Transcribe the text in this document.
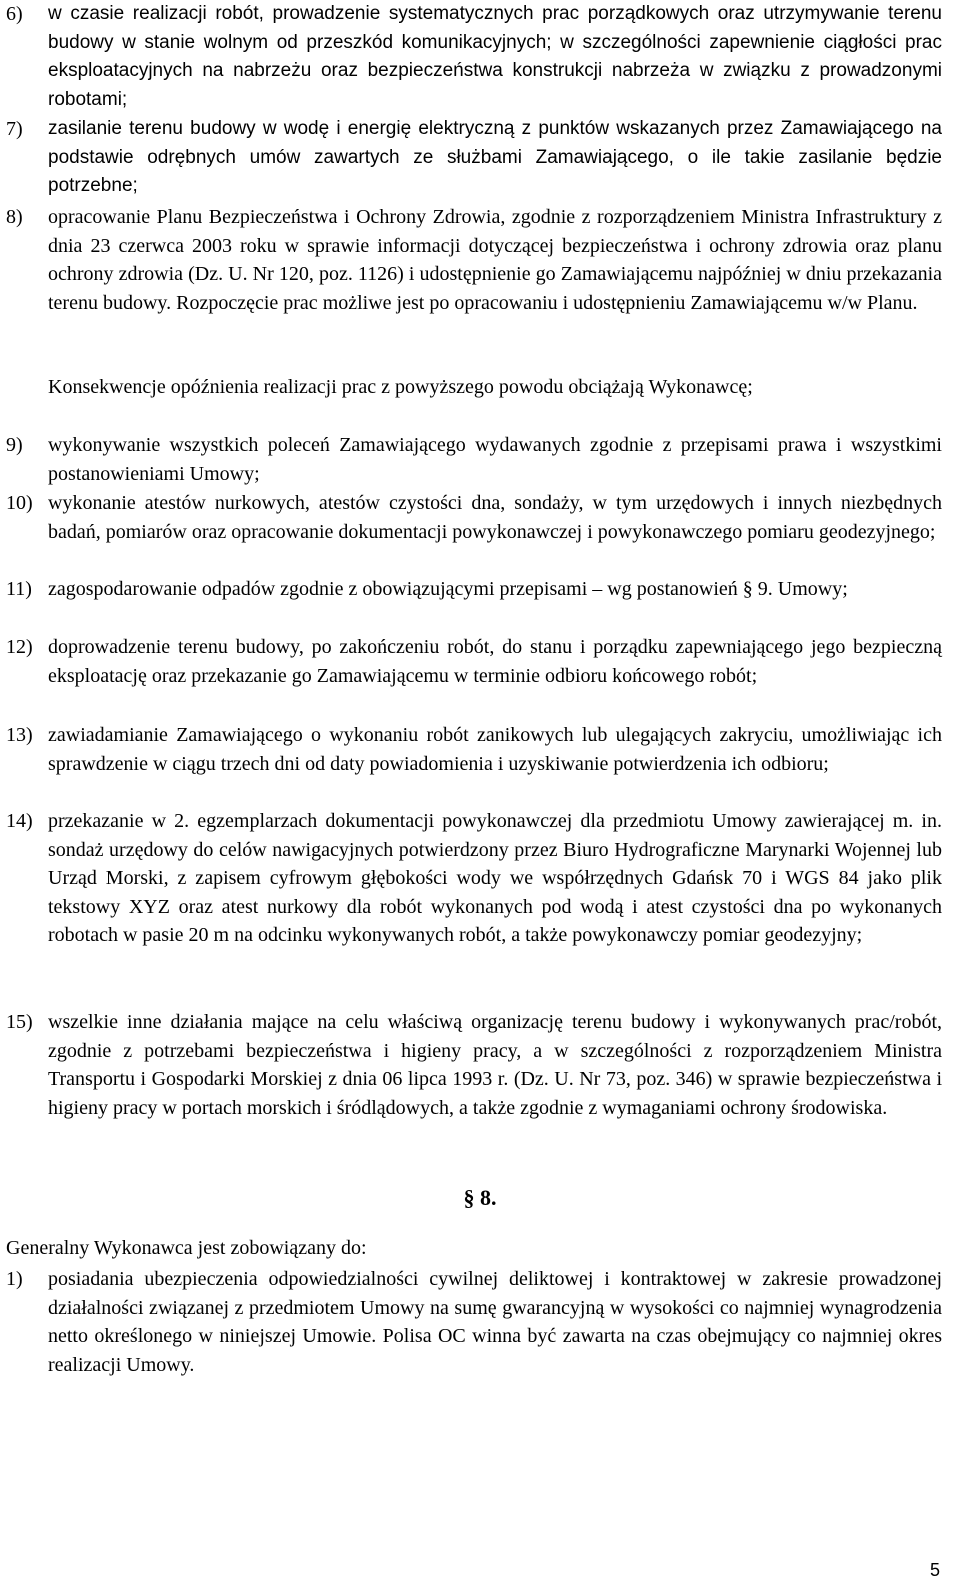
6) w czasie realizacji robót, prowadzenie systematycznych prac porządkowych oraz utrzymywanie terenu budowy w stanie wolnym od przeszkód komunikacyjnych; w szczególności zapewnienie ciągłości prac eksploatacyjnych na nabrzeżu oraz bezpieczeństwa konstrukcji nabrzeża w związku z prowadzonymi robotami;
7) zasilanie terenu budowy w wodę i energię elektryczną z punktów wskazanych przez Zamawiającego na podstawie odrębnych umów zawartych ze służbami Zamawiającego, o ile takie zasilanie będzie potrzebne;
8) opracowanie Planu Bezpieczeństwa i Ochrony Zdrowia, zgodnie z rozporządzeniem Ministra Infrastruktury z dnia 23 czerwca 2003 roku w sprawie informacji dotyczącej bezpieczeństwa i ochrony zdrowia oraz planu ochrony zdrowia (Dz. U. Nr 120, poz. 1126) i udostępnienie go Zamawiającemu najpóźniej w dniu przekazania terenu budowy. Rozpoczęcie prac możliwe jest po opracowaniu i udostępnieniu Zamawiającemu w/w Planu.
Konsekwencje opóźnienia realizacji prac z powyższego powodu obciążają Wykonawcę;
9) wykonywanie wszystkich poleceń Zamawiającego wydawanych zgodnie z przepisami prawa i wszystkimi postanowieniami Umowy;
10) wykonanie atestów nurkowych, atestów czystości dna, sondaży, w tym urzędowych i innych niezbędnych badań, pomiarów oraz opracowanie dokumentacji powykonawczej i powykonawczego pomiaru geodezyjnego;
11) zagospodarowanie odpadów zgodnie z obowiązującymi przepisami – wg postanowień § 9. Umowy;
12) doprowadzenie terenu budowy, po zakończeniu robót, do stanu i porządku zapewniającego jego bezpieczną eksploatację oraz przekazanie go Zamawiającemu w terminie odbioru końcowego robót;
13) zawiadamianie Zamawiającego o wykonaniu robót zanikowych lub ulegających zakryciu, umożliwiając ich sprawdzenie w ciągu trzech dni od daty powiadomienia i uzyskiwanie potwierdzenia ich odbioru;
14) przekazanie w 2. egzemplarzach dokumentacji powykonawczej dla przedmiotu Umowy zawierającej m. in. sondaż urzędowy do celów nawigacyjnych potwierdzony przez Biuro Hydrograficzne Marynarki Wojennej lub Urząd Morski, z zapisem cyfrowym głębokości wody we współrzędnych Gdańsk 70 i WGS 84 jako plik tekstowy XYZ oraz atest nurkowy dla robót wykonanych pod wodą i atest czystości dna po wykonanych robotach w pasie 20 m na odcinku wykonywanych robót, a także powykonawczy pomiar geodezyjny;
15) wszelkie inne działania mające na celu właściwą organizację terenu budowy i wykonywanych prac/robót, zgodnie z potrzebami bezpieczeństwa i higieny pracy, a w szczególności z rozporządzeniem Ministra Transportu i Gospodarki Morskiej z dnia 06 lipca 1993 r. (Dz. U. Nr 73, poz. 346) w sprawie bezpieczeństwa i higieny pracy w portach morskich i śródlądowych, a także zgodnie z wymaganiami ochrony środowiska.
§ 8.
Generalny Wykonawca jest zobowiązany do:
1) posiadania ubezpieczenia odpowiedzialności cywilnej deliktowej i kontraktowej w zakresie prowadzonej działalności związanej z przedmiotem Umowy na sumę gwarancyjną w wysokości co najmniej wynagrodzenia netto określonego w niniejszej Umowie. Polisa OC winna być zawarta na czas obejmujący co najmniej okres realizacji Umowy.
5
